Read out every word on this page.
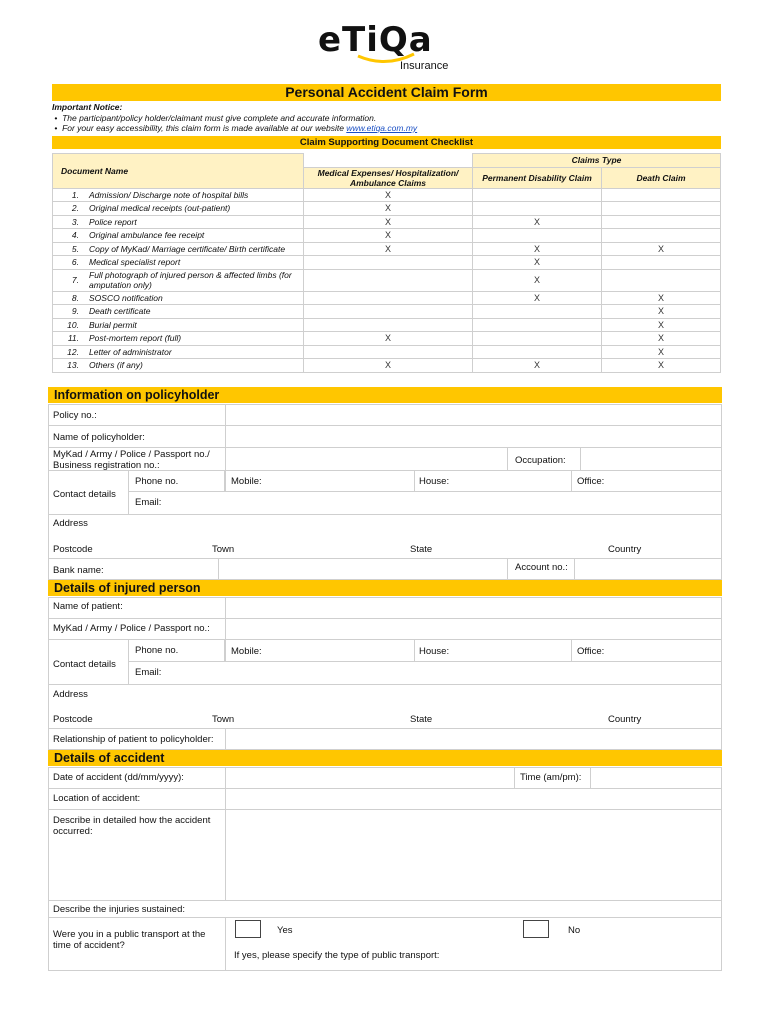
eTiQa
Insurance
Personal Accident Claim Form
Important Notice:
•  The participant/policy holder/claimant must give complete and accurate information.
•  For your easy accessibility, this claim form is made available at our website www.etiqa.com.my
Claim Supporting Document Checklist
Document Name			Claims Type	
		Medical Expenses/ Hospitalization/ Ambulance Claims	Permanent Disability Claim	Death Claim

1.	Admission/ Discharge note of hospital bills	X		
2.	Original medical receipts (out-patient)	X		
3.	Police report	X	X	
4.	Original ambulance fee receipt	X		
5.	Copy of MyKad/ Marriage certificate/ Birth certificate	X	X	X
6.	Medical specialist report		X	
7.	Full photograph of injured person & affected limbs (for amputation only)		X	
8.	SOSCO notification		X	X
9.	Death certificate			X
10.	Burial permit			X
11.	Post-mortem report (full)	X		X
12.	Letter of administrator			X
13.	Others (if any)	X	X	X
Information on policyholder
Policy no.:
Name of policyholder:
MyKad / Army / Police / Passport no./ Business registration no.:	Occupation:
Contact details
Phone no.	Mobile:	House:	Office:
Email:
Address
Postcode	Town	State	Country
Bank name:	Account no.:
Details of injured person
Name of patient:
MyKad / Army / Police / Passport no.:
Contact details
Phone no.	Mobile:	House:	Office:
Email:
Address
Postcode	Town	State	Country
Relationship of patient to policyholder:
Details of accident
Date of accident (dd/mm/yyyy):	Time (am/pm):
Location of accident:
Describe in detailed how the accident occurred:
Describe the injuries sustained:
Were you in a public transport at the time of accident?
Yes	No
If yes, please specify the type of public transport:
